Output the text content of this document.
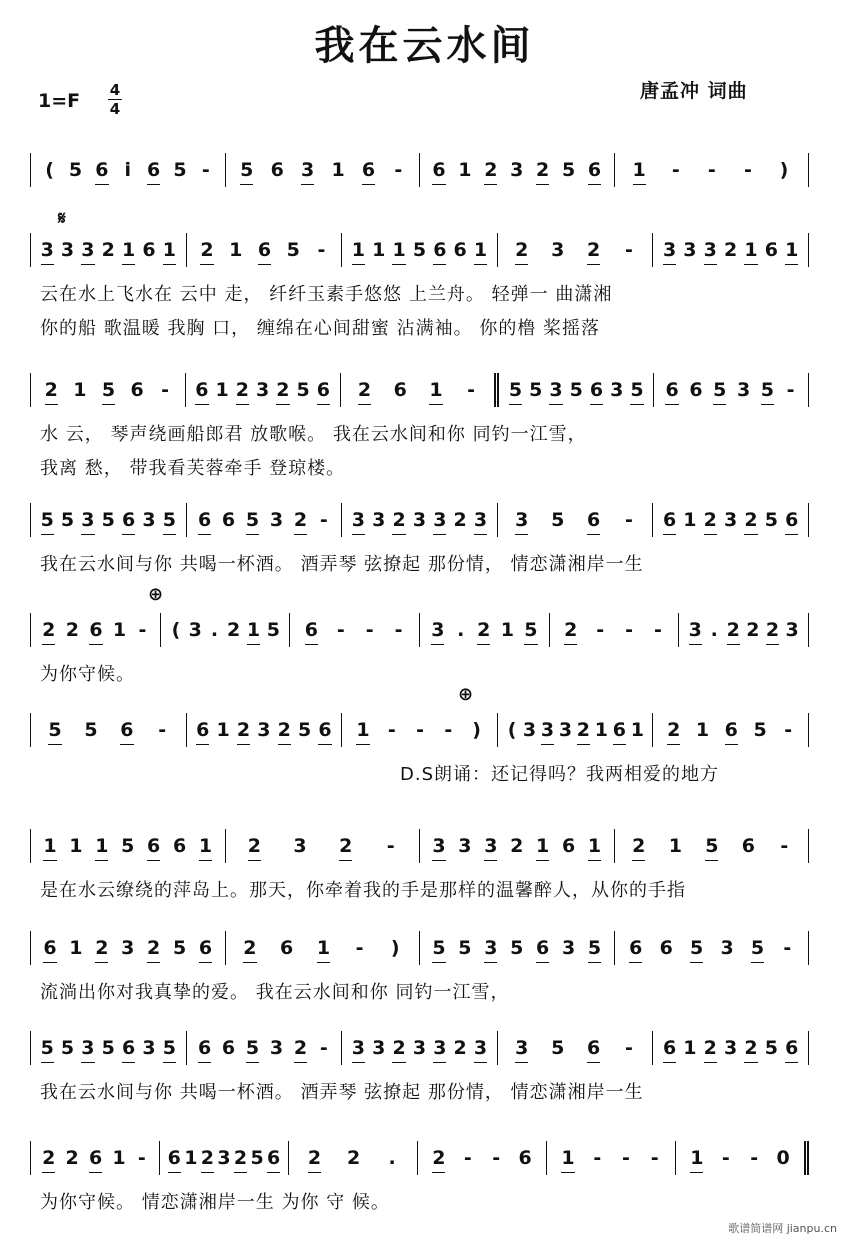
我在云水间
1=F 4
4
唐孟冲 词曲
( 5 6 i 6 5 - 5 6 3 1 6 - 6 1 2 3 2 5 6 1 - - - )
3 3 3 2 1 6 1 2 1 6 5 - 1 1 1 5 6 6 1 2 3 2 - 3 3 3 2 1 6 1
云在水上飞水在 云中 走， 纤纤玉素手悠悠 上兰舟。 轻弹一 曲潇湘
你的船 歌温暖 我胸 口， 缠绵在心间甜蜜 沾满袖。 你的橹 桨摇落
𝄋
2 1 5 6 - 6 1 2 3 2 5 6 2 6 1 - 5 5 3 5 6 3 5 6 6 5 3 5 -
水 云， 琴声绕画船郎君 放歌喉。 我在云水间和你 同钓一江雪，
我离 愁， 带我看芙蓉牵手 登琼楼。
5 5 3 5 6 3 5 6 6 5 3 2 - 3 3 2 3 3 2 3 3 5 6 - 6 1 2 3 2 5 6
我在云水间与你 共喝一杯酒。 酒弄琴 弦撩起 那份情， 情恋潇湘岸一生
2 2 6 1 - ( 3 . 2 1 5 6 - - - 3 . 2 1 5 2 - - - 3 . 2 2 2 3
为你守候。
⊕
5 5 6 - 6 1 2 3 2 5 6 1 - - - ) ( 3 3 3 2 1 6 1 2 1 6 5 -
D.S朗诵：还记得吗？我两相爱的地方
⊕
1 1 1 5 6 6 1 2 3 2 - 3 3 3 2 1 6 1 2 1 5 6 -
是在水云缭绕的萍岛上。那天，你牵着我的手是那样的温馨醉人，从你的手指
6 1 2 3 2 5 6 2 6 1 - ) 5 5 3 5 6 3 5 6 6 5 3 5 -
流淌出你对我真挚的爱。 我在云水间和你 同钓一江雪，
5 5 3 5 6 3 5 6 6 5 3 2 - 3 3 2 3 3 2 3 3 5 6 - 6 1 2 3 2 5 6
我在云水间与你 共喝一杯酒。 酒弄琴 弦撩起 那份情， 情恋潇湘岸一生
2 2 6 1 - 6 1 2 3 2 5 6 2 2 . 2 - - 6 1 - - - 1 - - 0
为你守候。 情恋潇湘岸一生 为你 守 候。
歌谱简谱网 jianpu.cn
